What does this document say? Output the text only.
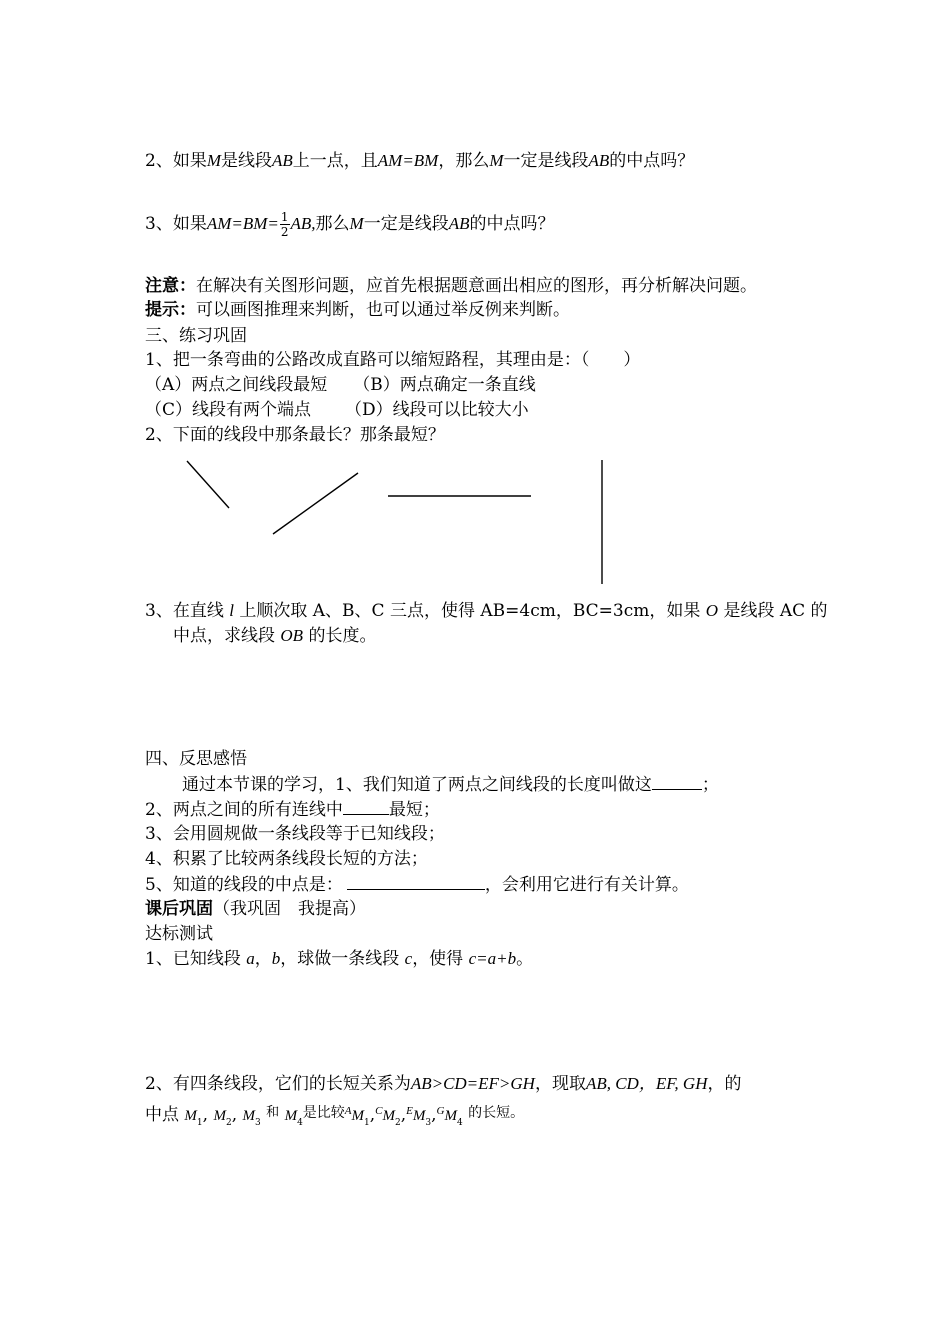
2、如果M是线段AB上一点，且AM=BM，那么M一定是线段AB的中点吗？
3、如果$AM=BM= \frac{1}{2}$ AB,那么M一定是线段AB的中点吗？
注意：在解决有关图形问题，应首先根据题意画出相应的图形，再分析解决问题。
提示：可以画图推理来判断，也可以通过举反例来判断。
三、练习巩固
1、把一条弯曲的公路改成直路可以缩短路程，其理由是：（　　）
（A）两点之间线段最短 （B）两点确定一条直线
（C）线段有两个端点 （D）线段可以比较大小
2、下面的线段中那条最长？那条最短？
3、在直线 l 上顺次取 A、B、C 三点，使得 AB=4cm，BC=3cm，如果 O 是线段 AC 的
中点，求线段 OB 的长度。
四、反思感悟
通过本节课的学习，1、我们知道了两点之间线段的长度叫做这	；
2、两点之间的所有连线中	最短；
3、会用圆规做一条线段等于已知线段；
4、积累了比较两条线段长短的方法；
5、知道的线段的中点是：	，会利用它进行有关计算。
课后巩固（我巩固　我提高）
达标测试
1、已知线段 a，b，球做一条线段 c，使得 c=a+b。
2、有四条线段，它们的长短关系为AB>CD=EF>GH，现取AB, CD，EF, GH，的
中点 $M_1$, $M_2$, $M_3$ $^和$ $M_4$是比较$^AM_1,^CM_2,^EM_3,^GM_4$ 的长短。
